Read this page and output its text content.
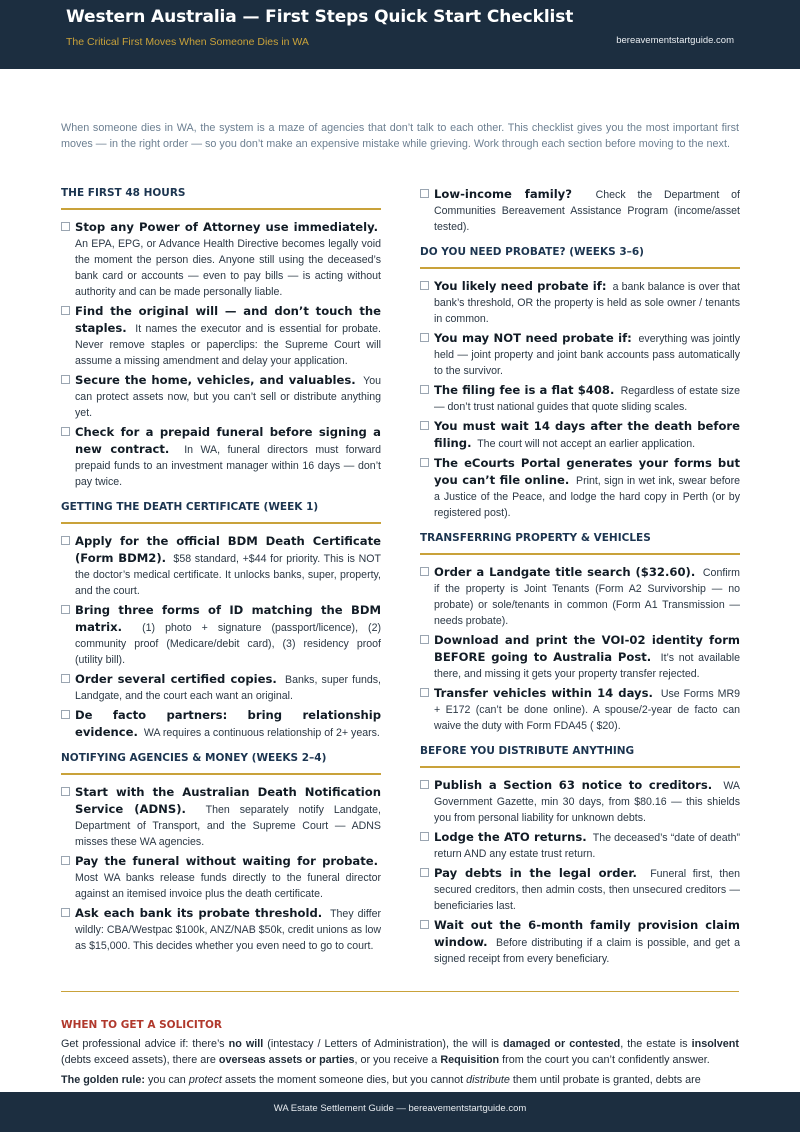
Western Australia — First Steps Quick Start Checklist
The Critical First Moves When Someone Dies in WA	bereavementstartguide.com
When someone dies in WA, the system is a maze of agencies that don’t talk to each other. This checklist gives you the most important first moves — in the right order — so you don’t make an expensive mistake while grieving. Work through each section before moving to the next.
THE FIRST 48 HOURS
Stop any Power of Attorney use immediately.  An EPA, EPG, or Advance Health Directive becomes legally void the moment the person dies. Anyone still using the deceased’s bank card or accounts — even to pay bills — is acting without authority and can be made personally liable.
Find the original will — and don’t touch the staples. It names the executor and is essential for probate. Never remove staples or paperclips: the Supreme Court will assume a missing amendment and delay your application.
Secure the home, vehicles, and valuables. You can protect assets now, but you can’t sell or distribute anything yet.
Check for a prepaid funeral before signing a new contract. In WA, funeral directors must forward prepaid funds to an investment manager within 16 days — don’t pay twice.
GETTING THE DEATH CERTIFICATE (WEEK 1)
Apply for the official BDM Death Certificate (Form BDM2). $58 standard, +$44 for priority. This is NOT the doctor’s medical certificate. It unlocks banks, super, property, and the court.
Bring three forms of ID matching the BDM matrix. (1) photo + signature (passport/licence), (2) community proof (Medicare/debit card), (3) residency proof (utility bill).
Order several certified copies. Banks, super funds, Landgate, and the court each want an original.
De facto partners: bring relationship evidence. WA requires a continuous relationship of 2+ years.
NOTIFYING AGENCIES & MONEY (WEEKS 2–4)
Start with the Australian Death Notification Service (ADNS). Then separately notify Landgate, Department of Transport, and the Supreme Court — ADNS misses these WA agencies.
Pay the funeral without waiting for probate.  Most WA banks release funds directly to the funeral director against an itemised invoice plus the death certificate.
Ask each bank its probate threshold. They differ wildly: CBA/Westpac $100k, ANZ/NAB $50k, credit unions as low as $15,000. This decides whether you even need to go to court.
Low-income family? Check the Department of Communities Bereavement Assistance Program (income/asset tested).
DO YOU NEED PROBATE? (WEEKS 3–6)
You likely need probate if: a bank balance is over that bank’s threshold, OR the property is held as sole owner / tenants in common.
You may NOT need probate if: everything was jointly held — joint property and joint bank accounts pass automatically to the survivor.
The filing fee is a flat $408. Regardless of estate size — don’t trust national guides that quote sliding scales.
You must wait 14 days after the death before filing. The court will not accept an earlier application.
The eCourts Portal generates your forms but you can’t file online. Print, sign in wet ink, swear before a Justice of the Peace, and lodge the hard copy in Perth (or by registered post).
TRANSFERRING PROPERTY & VEHICLES
Order a Landgate title search ($32.60). Confirm if the property is Joint Tenants (Form A2 Survivorship — no probate) or sole/tenants in common (Form A1 Transmission — needs probate).
Download and print the VOI-02 identity form BEFORE going to Australia Post. It’s not available there, and missing it gets your property transfer rejected.
Transfer vehicles within 14 days. Use Forms MR9 + E172 (can’t be done online). A spouse/2-year de facto can waive the duty with Form FDA45 ( $20).
BEFORE YOU DISTRIBUTE ANYTHING
Publish a Section 63 notice to creditors. WA Government Gazette, min 30 days, from $80.16 — this shields you from personal liability for unknown debts.
Lodge the ATO returns. The deceased’s “date of death” return AND any estate trust return.
Pay debts in the legal order. Funeral first, then secured creditors, then admin costs, then unsecured creditors — beneficiaries last.
Wait out the 6-month family provision claim window. Before distributing if a claim is possible, and get a signed receipt from every beneficiary.
WHEN TO GET A SOLICITOR
Get professional advice if: there’s no will (intestacy / Letters of Administration), the will is damaged or contested, the estate is insolvent (debts exceed assets), there are overseas assets or parties, or you receive a Requisition from the court you can’t confidently answer.
The golden rule: you can protect assets the moment someone dies, but you cannot distribute them until probate is granted, debts are
WA Estate Settlement Guide — bereavementstartguide.com
